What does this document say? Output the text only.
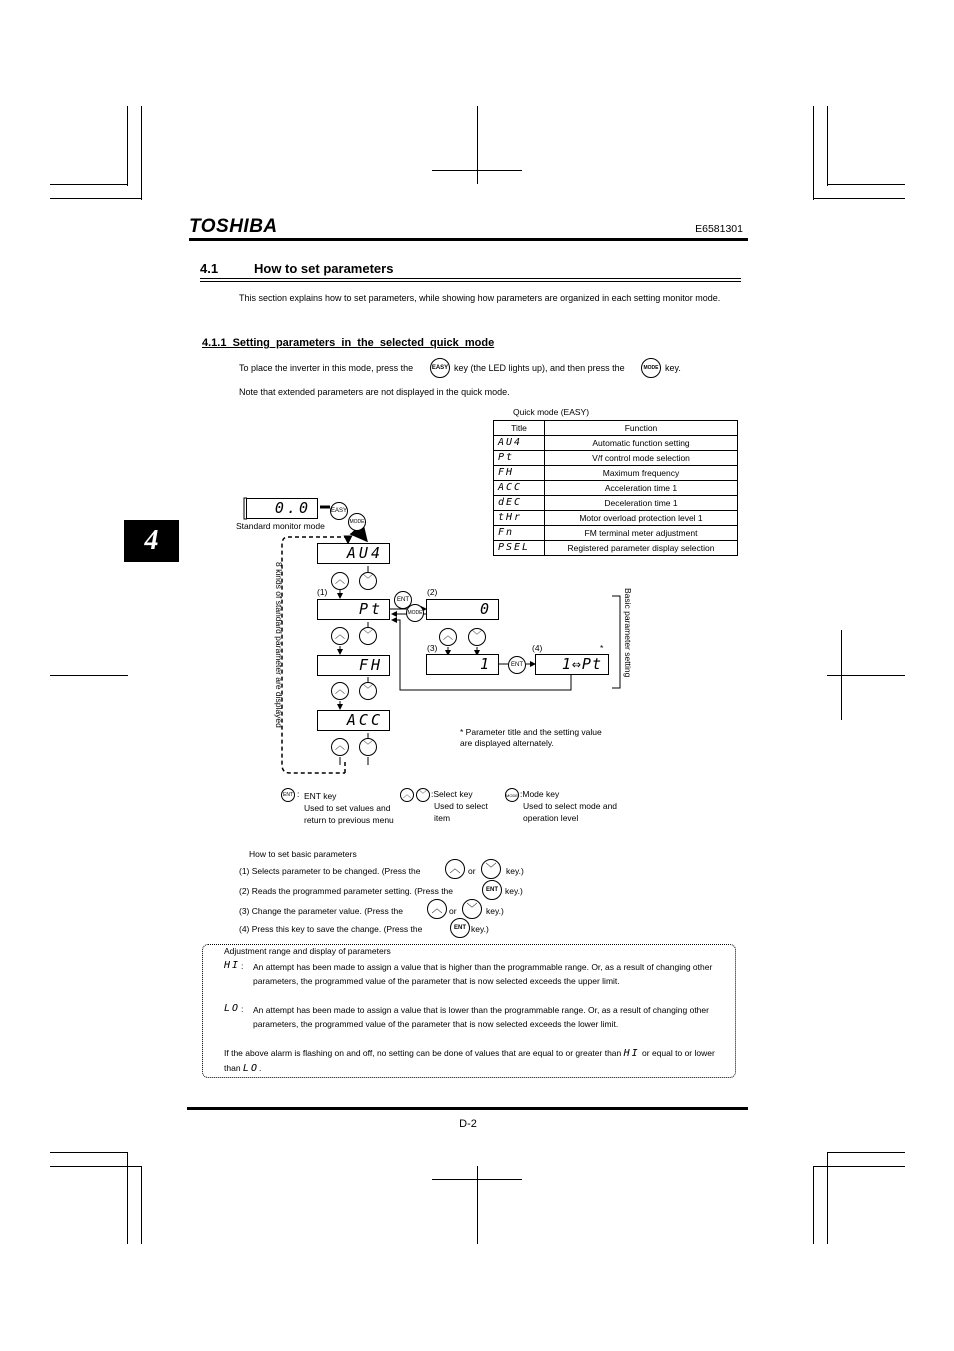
TOSHIBA	E6581301
4
4.1	How to set parameters
This section explains how to set parameters, while showing how parameters are organized in each setting monitor mode.
4.1.1  Setting  parameters  in  the  selected  quick  mode
To place the inverter in this mode, press the	EASY key (the LED lights up), and then press the	MODE key.
Note that extended parameters are not displayed in the quick mode.
Quick mode (EASY)
Title	Function
AU4	Automatic function setting
Pt	V/f control mode selection
FH	Maximum frequency
ACC	Acceleration time 1
dEC	Deceleration time 1
tHr	Motor overload protection level 1
Fn	FM terminal meter adjustment
PSEL	Registered parameter display selection
0.0	EASY
MODE
Standard monitor mode
AU4
Pt
FH
ACC
︿	﹀
︿	﹀
︿	﹀
︿	﹀
︿	﹀
(1)	(2)
(3)	(4)
ENT
MODE	0
1	ENT	1⇔Pt
*
8 kinds of standard parameter are displayed	Basic parameter setting
* Parameter title and the setting value are displayed alternately.
ENT : ENT key
Used to set values and return to previous menu
︿	﹀ :Select key
Used to select item
MODE :Mode key
Used to select mode and operation level
How to set basic parameters
(1) Selects parameter to be changed. (Press the	︿ or ﹀	key.)
(2) Reads the programmed parameter setting. (Press the	ENT key.)
(3) Change the parameter value. (Press the	︿ or ﹀	key.)
(4) Press this key to save the change. (Press the	ENT key.)
Adjustment range and display of parameters
HI : An attempt has been made to assign a value that is higher than the programmable range. Or, as a result of changing other parameters, the programmed value of the parameter that is now selected exceeds the upper limit.
LO : An attempt has been made to assign a value that is lower than the programmable range. Or, as a result of changing other parameters, the programmed value of the parameter that is now selected exceeds the lower limit.
If the above alarm is flashing on and off, no setting can be done of values that are equal to or greater than HI or equal to or lower than LO.
D-2
